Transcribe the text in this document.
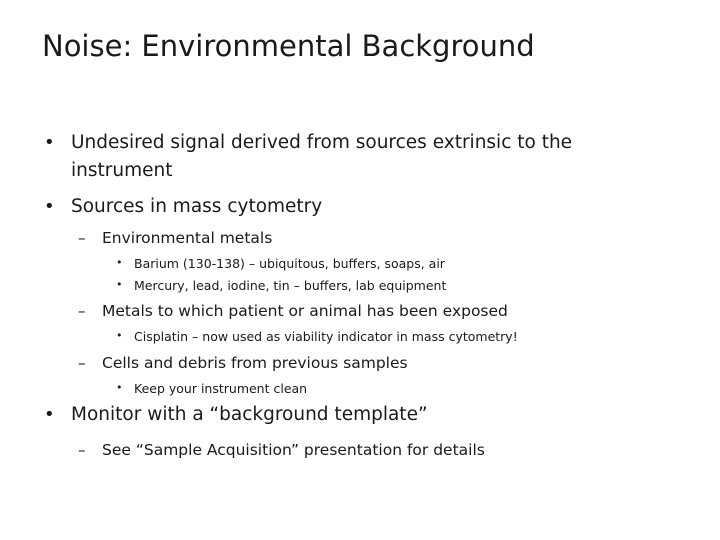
Noise: Environmental Background
• Undesired signal derived from sources extrinsic to the
instrument
• Sources in mass cytometry
– Environmental metals
• Barium (130-138) – ubiquitous, buffers, soaps, air
• Mercury, lead, iodine, tin – buffers, lab equipment
– Metals to which patient or animal has been exposed
• Cisplatin – now used as viability indicator in mass cytometry!
– Cells and debris from previous samples
• Keep your instrument clean
• Monitor with a “background template”
– See “Sample Acquisition” presentation for details
